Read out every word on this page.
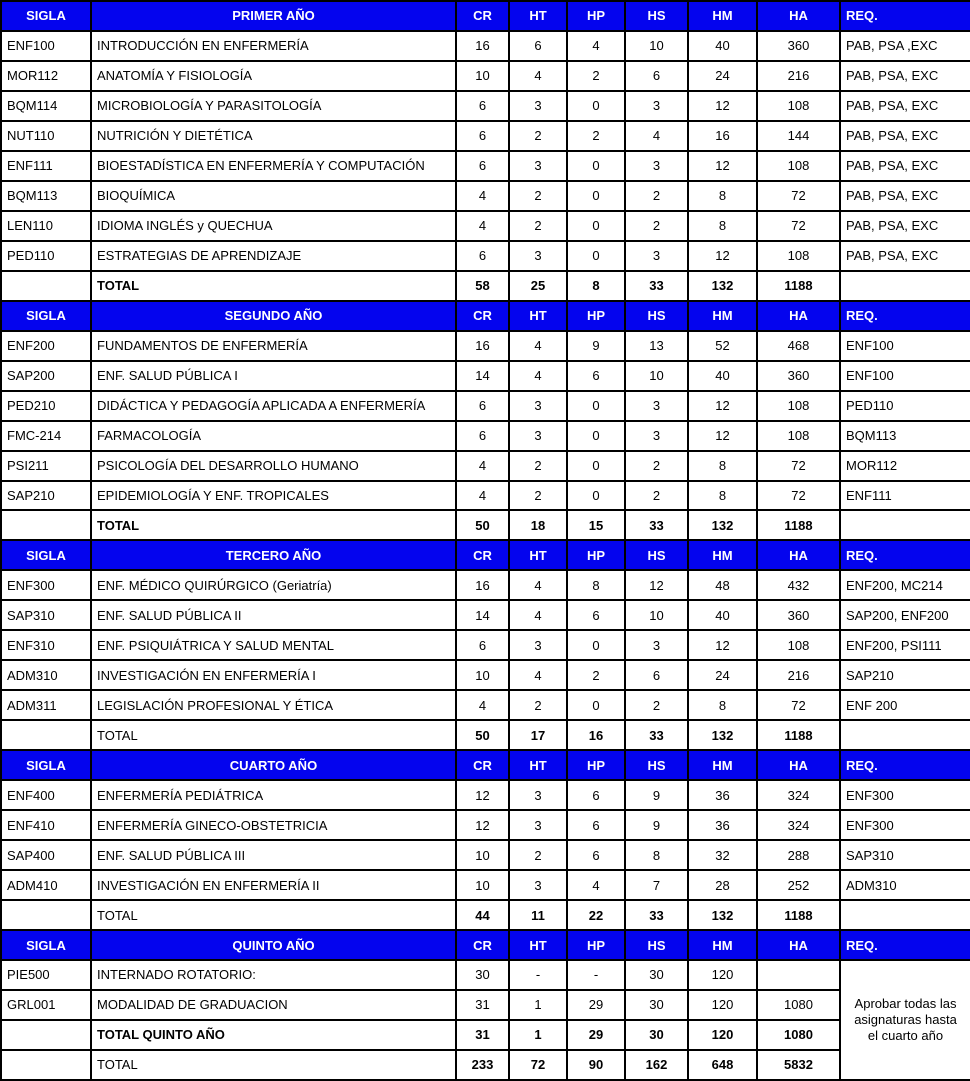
SIGLA	PRIMER AÑO	CR	HT	HP	HS	HM	HA	REQ.
ENF100	INTRODUCCIÓN EN ENFERMERÍA	16	6	4	10	40	360	PAB, PSA ,EXC
MOR112	ANATOMÍA Y FISIOLOGÍA	10	4	2	6	24	216	PAB, PSA, EXC
BQM114	MICROBIOLOGÍA Y PARASITOLOGÍA	6	3	0	3	12	108	PAB, PSA, EXC
NUT110	NUTRICIÓN Y DIETÉTICA	6	2	2	4	16	144	PAB, PSA, EXC
ENF111	BIOESTADÍSTICA EN ENFERMERÍA Y COMPUTACIÓN	6	3	0	3	12	108	PAB, PSA, EXC
BQM113	BIOQUÍMICA	4	2	0	2	8	72	PAB, PSA, EXC
LEN110	IDIOMA INGLÉS y QUECHUA	4	2	0	2	8	72	PAB, PSA, EXC
PED110	ESTRATEGIAS DE APRENDIZAJE	6	3	0	3	12	108	PAB, PSA, EXC
	TOTAL	58	25	8	33	132	1188	
SIGLA	SEGUNDO AÑO	CR	HT	HP	HS	HM	HA	REQ.
ENF200	FUNDAMENTOS DE ENFERMERÍA	16	4	9	13	52	468	ENF100
SAP200	ENF. SALUD PÚBLICA I	14	4	6	10	40	360	ENF100
PED210	DIDÁCTICA Y PEDAGOGÍA APLICADA A ENFERMERÍA	6	3	0	3	12	108	PED110
FMC-214	FARMACOLOGÍA	6	3	0	3	12	108	BQM113
PSI211	PSICOLOGÍA DEL DESARROLLO HUMANO	4	2	0	2	8	72	MOR112
SAP210	EPIDEMIOLOGÍA Y ENF. TROPICALES	4	2	0	2	8	72	ENF111
	TOTAL	50	18	15	33	132	1188	
SIGLA	TERCERO AÑO	CR	HT	HP	HS	HM	HA	REQ.
ENF300	ENF. MÉDICO QUIRÚRGICO (Geriatría)	16	4	8	12	48	432	ENF200, MC214
SAP310	ENF. SALUD PÚBLICA II	14	4	6	10	40	360	SAP200, ENF200
ENF310	ENF. PSIQUIÁTRICA Y SALUD MENTAL	6	3	0	3	12	108	ENF200, PSI111
ADM310	INVESTIGACIÓN EN ENFERMERÍA I	10	4	2	6	24	216	SAP210
ADM311	LEGISLACIÓN PROFESIONAL Y ÉTICA	4	2	0	2	8	72	ENF 200
	TOTAL	50	17	16	33	132	1188	
SIGLA	CUARTO AÑO	CR	HT	HP	HS	HM	HA	REQ.
ENF400	ENFERMERÍA PEDIÁTRICA	12	3	6	9	36	324	ENF300
ENF410	ENFERMERÍA GINECO-OBSTETRICIA	12	3	6	9	36	324	ENF300
SAP400	ENF. SALUD PÚBLICA III	10	2	6	8	32	288	SAP310
ADM410	INVESTIGACIÓN EN ENFERMERÍA II	10	3	4	7	28	252	ADM310
	TOTAL	44	11	22	33	132	1188	
SIGLA	QUINTO AÑO	CR	HT	HP	HS	HM	HA	REQ.
PIE500	INTERNADO ROTATORIO:	30	-	-	30	120		Aprobar todas las asignaturas hasta el cuarto año
GRL001	MODALIDAD DE GRADUACION	31	1	29	30	120	1080	
	TOTAL QUINTO AÑO	31	1	29	30	120	1080	
	TOTAL	233	72	90	162	648	5832	
